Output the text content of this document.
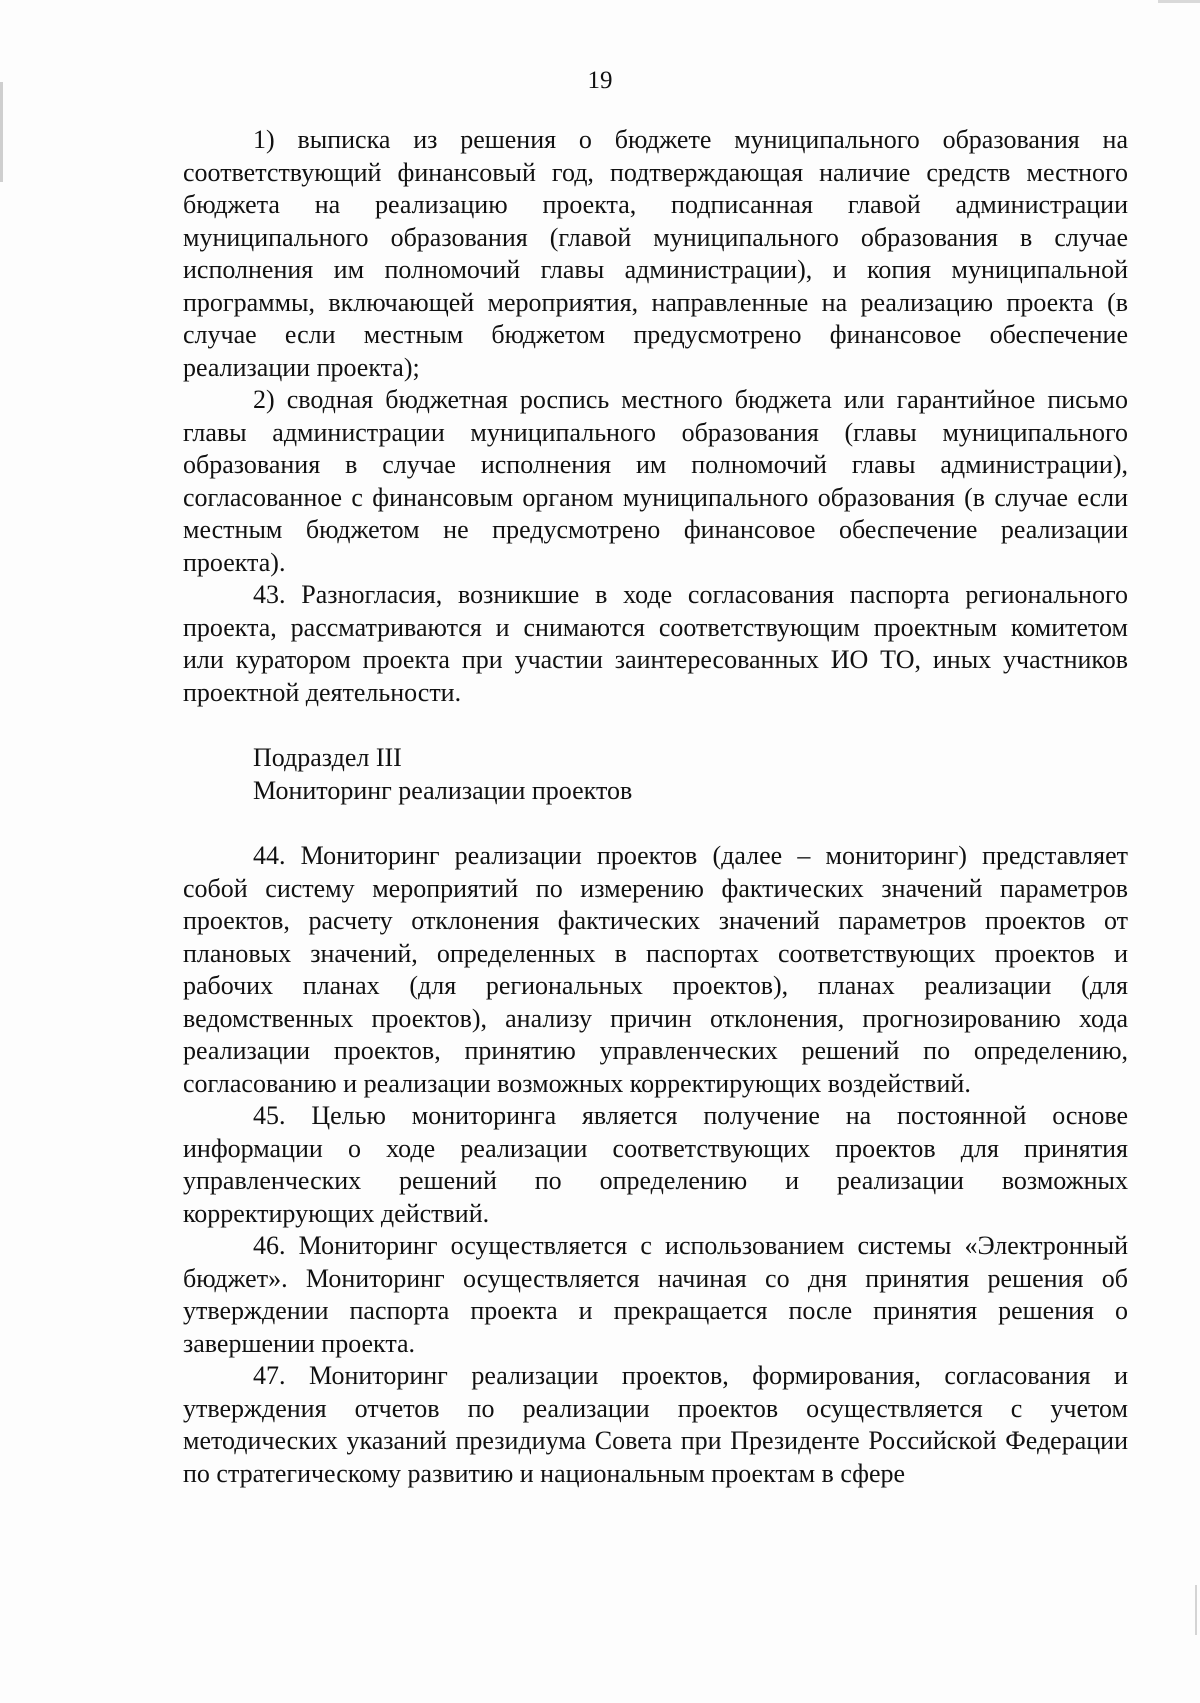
19

1) выписка из решения о бюджете муниципального образования на соответствующий финансовый год, подтверждающая наличие средств местного бюджета на реализацию проекта, подписанная главой администрации муниципального образования (главой муниципального образования в случае исполнения им полномочий главы администрации), и копия муниципальной программы, включающей мероприятия, направленные на реализацию проекта (в случае если местным бюджетом предусмотрено финансовое обеспечение реализации проекта);

2) сводная бюджетная роспись местного бюджета или гарантийное письмо главы администрации муниципального образования (главы муниципального образования в случае исполнения им полномочий главы администрации), согласованное с финансовым органом муниципального образования (в случае если местным бюджетом не предусмотрено финансовое обеспечение реализации проекта).

43. Разногласия, возникшие в ходе согласования паспорта регионального проекта, рассматриваются и снимаются соответствующим проектным комитетом или куратором проекта при участии заинтересованных ИО ТО, иных участников проектной деятельности.

Подраздел III

Мониторинг реализации проектов

44. Мониторинг реализации проектов (далее – мониторинг) представляет собой систему мероприятий по измерению фактических значений параметров проектов, расчету отклонения фактических значений параметров проектов от плановых значений, определенных в паспортах соответствующих проектов и рабочих планах (для региональных проектов), планах реализации (для ведомственных проектов), анализу причин отклонения, прогнозированию хода реализации проектов, принятию управленческих решений по определению, согласованию и реализации возможных корректирующих воздействий.

45. Целью мониторинга является получение на постоянной основе информации о ходе реализации соответствующих проектов для принятия управленческих решений по определению и реализации возможных корректирующих действий.

46. Мониторинг осуществляется с использованием системы «Электронный бюджет». Мониторинг осуществляется начиная со дня принятия решения об утверждении паспорта проекта и прекращается после принятия решения о завершении проекта.

47. Мониторинг реализации проектов, формирования, согласования и утверждения отчетов по реализации проектов осуществляется с учетом методических указаний президиума Совета при Президенте Российской Федерации по стратегическому развитию и национальным проектам в сфере
